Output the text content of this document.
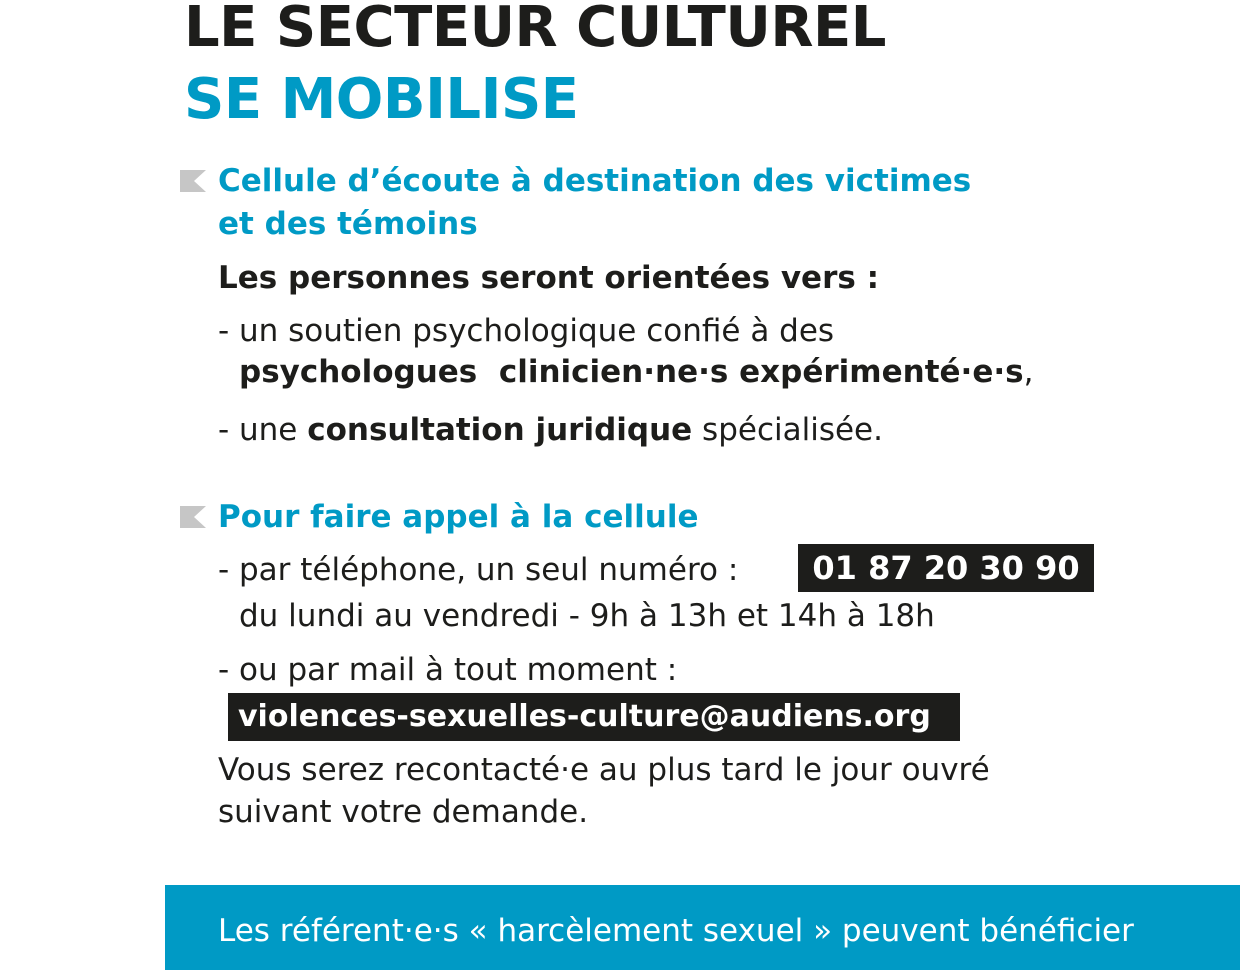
LE SECTEUR CULTUREL
SE MOBILISE
Cellule d’écoute à destination des victimes
et des témoins
Les personnes seront orientées vers :
- un soutien psychologique confié à des
psychologues  clinicien·ne·s expérimenté·e·s,
- une consultation juridique spécialisée.
Pour faire appel à la cellule
- par téléphone, un seul numéro :	01 87 20 30 90
du lundi au vendredi - 9h à 13h et 14h à 18h
- ou par mail à tout moment :
violences-sexuelles-culture@audiens.org
Vous serez recontacté·e au plus tard le jour ouvré
suivant votre demande.
Les référent·e·s « harcèlement sexuel » peuvent bénéficier
